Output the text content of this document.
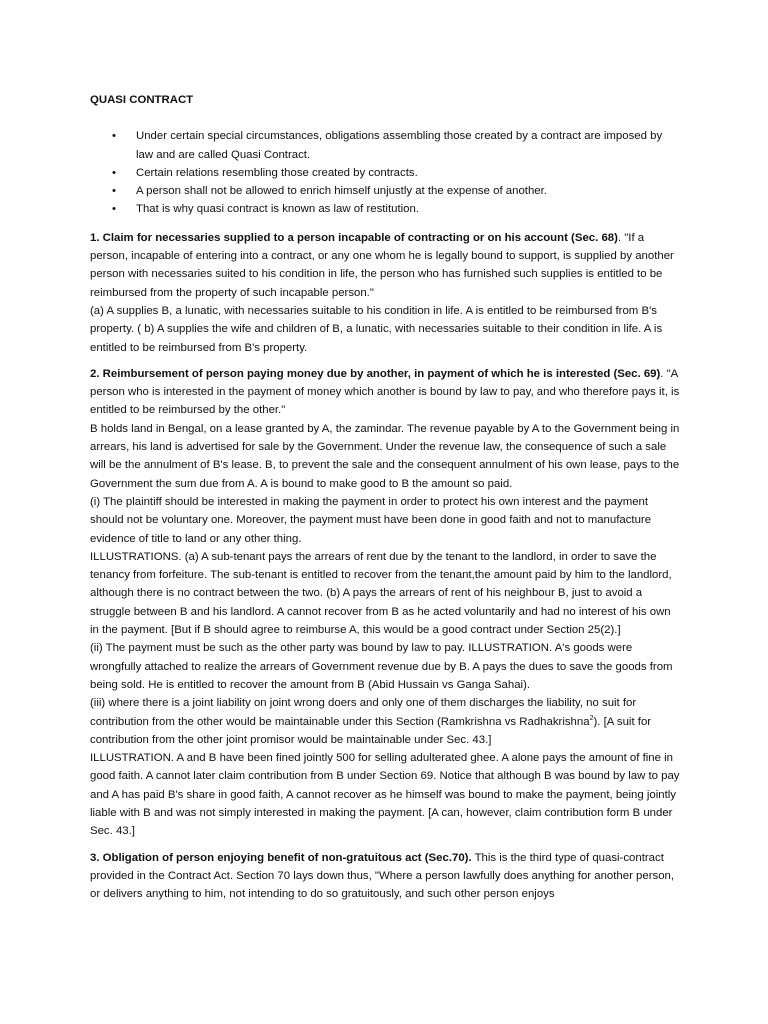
QUASI CONTRACT
• Under certain special circumstances, obligations assembling those created by a contract are imposed by law and are called Quasi Contract.
• Certain relations resembling those created by contracts.
• A person shall not be allowed to enrich himself unjustly at the expense of another.
• That is why quasi contract is known as law of restitution.

1. Claim for necessaries supplied to a person incapable of contracting or on his account (Sec. 68). "If a person, incapable of entering into a contract, or any one whom he is legally bound to support, is supplied by another person with necessaries suited to his condition in life, the person who has furnished such supplies is entitled to be reimbursed from the property of such incapable person."

(a) A supplies B, a lunatic, with necessaries suitable to his condition in life. A is entitled to be reimbursed from B's property. ( b) A supplies the wife and children of B, a lunatic, with necessaries suitable to their condition in life. A is entitled to be reimbursed from B's property.

2. Reimbursement of person paying money due by another, in payment of which he is interested (Sec. 69). "A person who is interested in the payment of money which another is bound by law to pay, and who therefore pays it, is entitled to be reimbursed by the other."

B holds land in Bengal, on a lease granted by A, the zamindar. The revenue payable by A to the Government being in arrears, his land is advertised for sale by the Government. Under the revenue law, the consequence of such a sale will be the annulment of B's lease. B, to prevent the sale and the consequent annulment of his own lease, pays to the Government the sum due from A. A is bound to make good to B the amount so paid.

(i) The plaintiff should be interested in making the payment in order to protect his own interest and the payment should not be voluntary one. Moreover, the payment must have been done in good faith and not to manufacture evidence of title to land or any other thing.

ILLUSTRATIONS. (a) A sub-tenant pays the arrears of rent due by the tenant to the landlord, in order to save the tenancy from forfeiture. The sub-tenant is entitled to recover from the tenant,the amount paid by him to the landlord, although there is no contract between the two. (b) A pays the arrears of rent of his neighbour B, just to avoid a struggle between B and his landlord. A cannot recover from B as he acted voluntarily and had no interest of his own in the payment. [But if B should agree to reimburse A, this would be a good contract under Section 25(2).]

(ii) The payment must be such as the other party was bound by law to pay. ILLUSTRATION. A's goods were wrongfully attached to realize the arrears of Government revenue due by B. A pays the dues to save the goods from being sold. He is entitled to recover the amount from B (Abid Hussain vs Ganga Sahai).

(iii) where there is a joint liability on joint wrong doers and only one of them discharges the liability, no suit for contribution from the other would be maintainable under this Section (Ramkrishna vs Radhakrishna$^2$). [A suit for contribution from the other joint promisor would be maintainable under Sec. 43.]

ILLUSTRATION. A and B have been fined jointly 500 for selling adulterated ghee. A alone pays the amount of fine in good faith. A cannot later claim contribution from B under Section 69. Notice that although B was bound by law to pay and A has paid B's share in good faith, A cannot recover as he himself was bound to make the payment, being jointly liable with B and was not simply interested in making the payment. [A can, however, claim contribution form B under Sec. 43.]

3. Obligation of person enjoying benefit of non-gratuitous act (Sec.70). This is the third type of quasi-contract provided in the Contract Act. Section 70 lays down thus, "Where a person lawfully does anything for another person, or delivers anything to him, not intending to do so gratuitously, and such other person enjoys
